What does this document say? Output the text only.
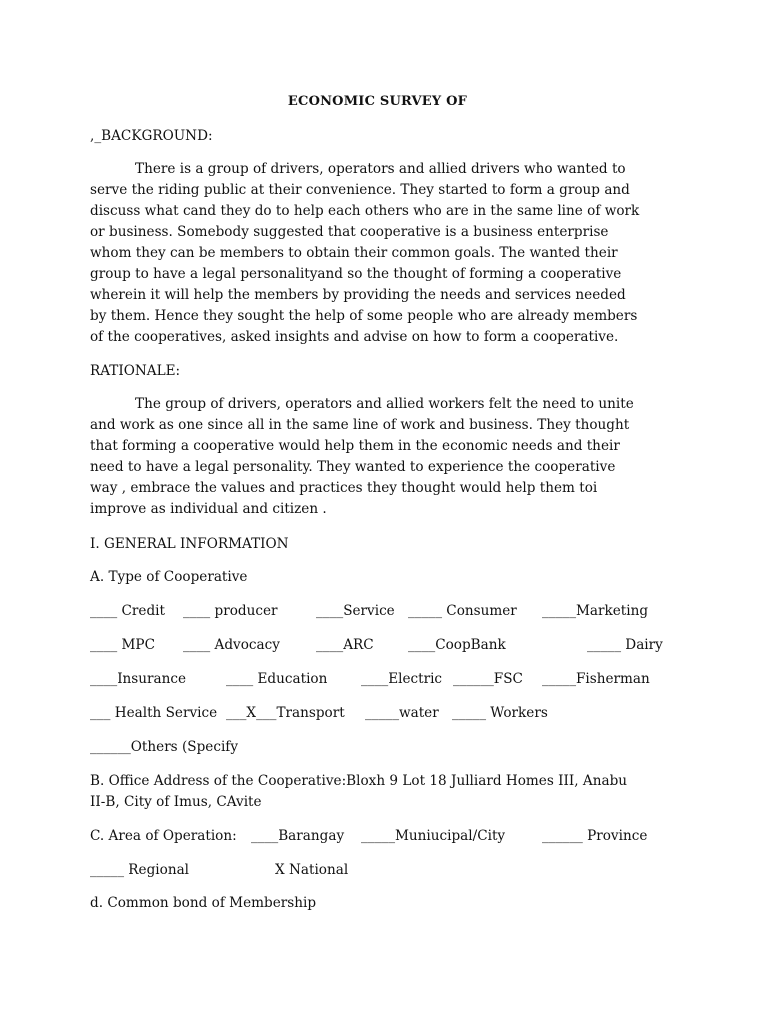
ECONOMIC SURVEY OF
,_BACKGROUND:
There is a group of drivers, operators and allied drivers who wanted to
serve the riding public at their convenience. They started to form a group and
discuss what cand they do to help each others who are in the same line of work
or business. Somebody suggested that cooperative is a business enterprise
whom they can be members to obtain their common goals. The wanted their
group to have a legal personalityand so the thought of forming a cooperative
wherein it will help the members by providing the needs and services needed
by them. Hence they sought the help of some people who are already members
of the cooperatives, asked insights and advise on how to form a cooperative.
RATIONALE:
The group of drivers, operators and allied workers felt the need to unite
and work as one since all in the same line of work and business. They thought
that forming a cooperative would help them in the economic needs and their
need to have a legal personality. They wanted to experience the cooperative
way , embrace the values and practices they thought would help them toi
improve as individual and citizen .
I. GENERAL INFORMATION
A. Type of Cooperative
____ Credit ____ producer	____Service _____ Consumer _____Marketing
____ MPC ____ Advocacy	____ARC	____CoopBank	_____ Dairy
____Insurance	____ Education ____Electric ______FSC _____Fisherman
___ Health Service ___X___Transport _____water _____ Workers
______Others (Specify
B. Office Address of the Cooperative:Bloxh 9 Lot 18 Julliard Homes III, Anabu
II-B, City of Imus, CAvite
C. Area of Operation: ____Barangay _____Muniucipal/City	______ Province
_____ Regional	X National
d. Common bond of Membership
